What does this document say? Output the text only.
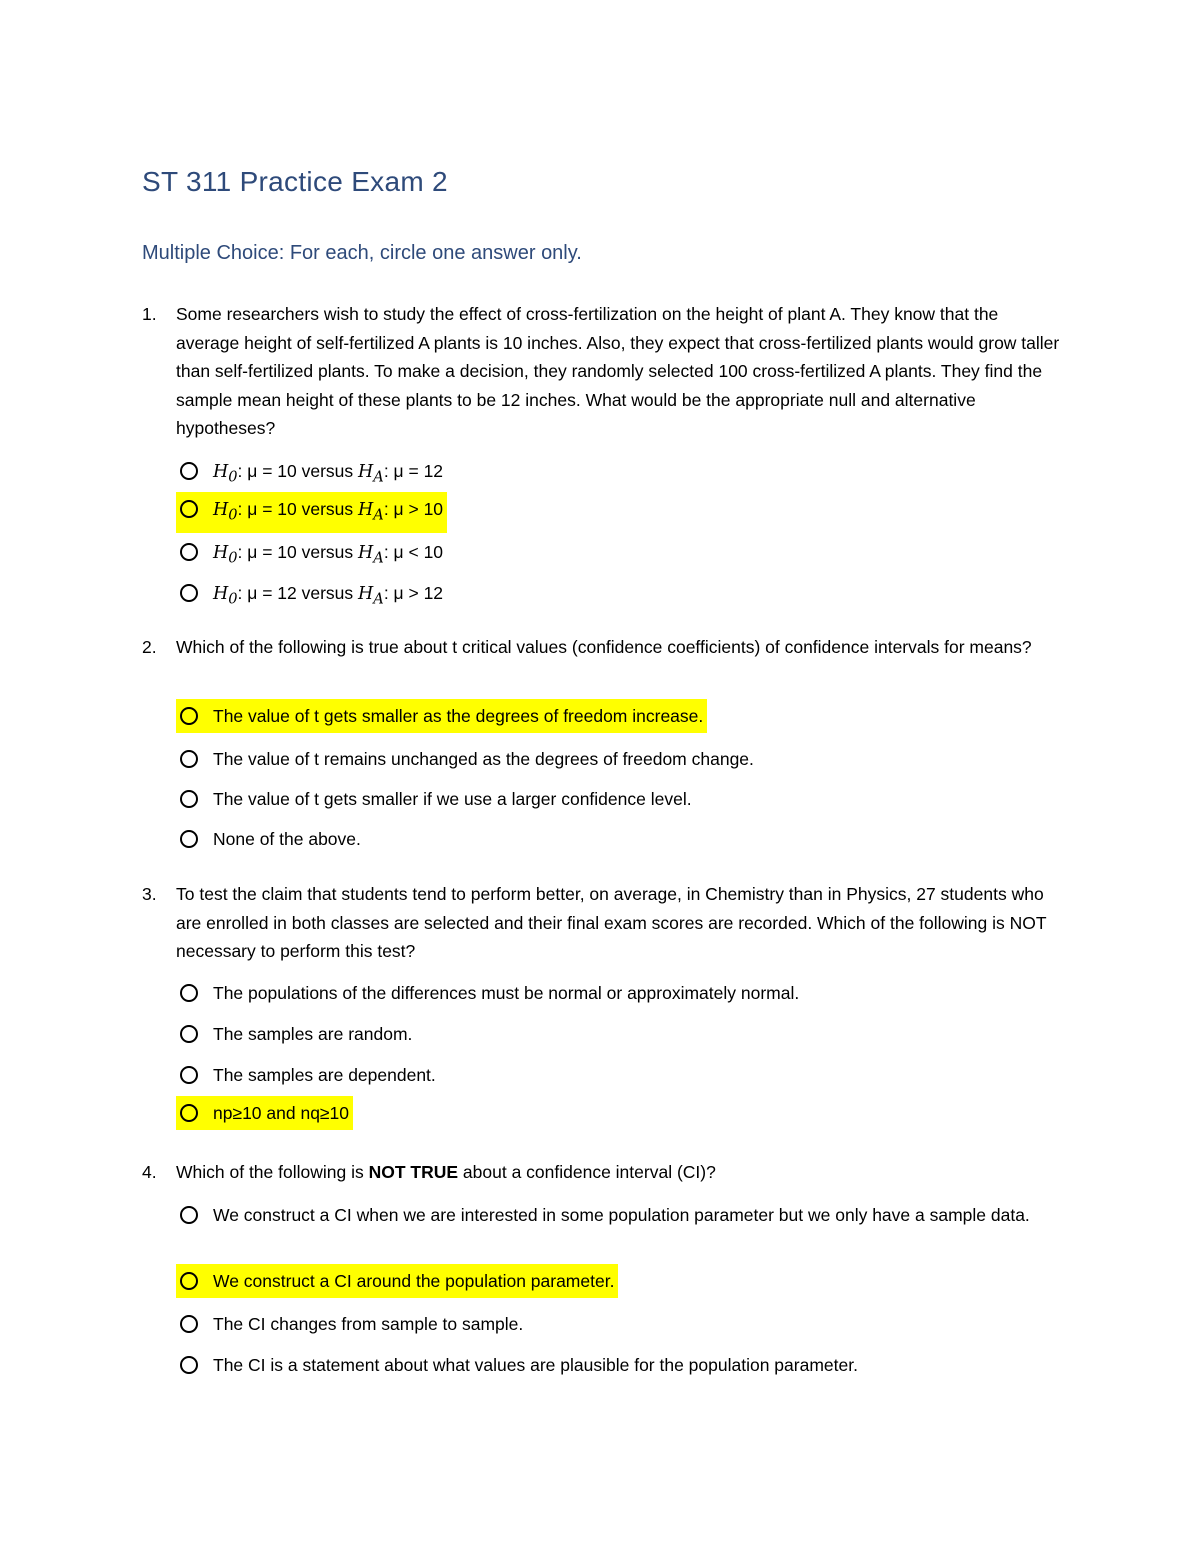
ST 311 Practice Exam 2
Multiple Choice: For each, circle one answer only.
1. Some researchers wish to study the effect of cross-fertilization on the height of plant A. They know that the average height of self-fertilized A plants is 10 inches. Also, they expect that cross-fertilized plants would grow taller than self-fertilized plants. To make a decision, they randomly selected 100 cross-fertilized A plants. They find the sample mean height of these plants to be 12 inches. What would be the appropriate null and alternative hypotheses?
$H_0$: μ = 10 versus $H_A$: μ = 12
$H_0$: μ = 10 versus $H_A$: μ > 10
$H_0$: μ = 10 versus $H_A$: μ < 10
$H_0$: μ = 12 versus $H_A$: μ > 12
2. Which of the following is true about t critical values (confidence coefficients) of confidence intervals for means?
The value of t gets smaller as the degrees of freedom increase.
The value of t remains unchanged as the degrees of freedom change.
The value of t gets smaller if we use a larger confidence level.
None of the above.
3. To test the claim that students tend to perform better, on average, in Chemistry than in Physics, 27 students who are enrolled in both classes are selected and their final exam scores are recorded. Which of the following is NOT necessary to perform this test?
The populations of the differences must be normal or approximately normal.
The samples are random.
The samples are dependent.
np≥10 and nq≥10
4. Which of the following is NOT TRUE about a confidence interval (CI)?
We construct a CI when we are interested in some population parameter but we only have a sample data.
We construct a CI around the population parameter.
The CI changes from sample to sample.
The CI is a statement about what values are plausible for the population parameter.
